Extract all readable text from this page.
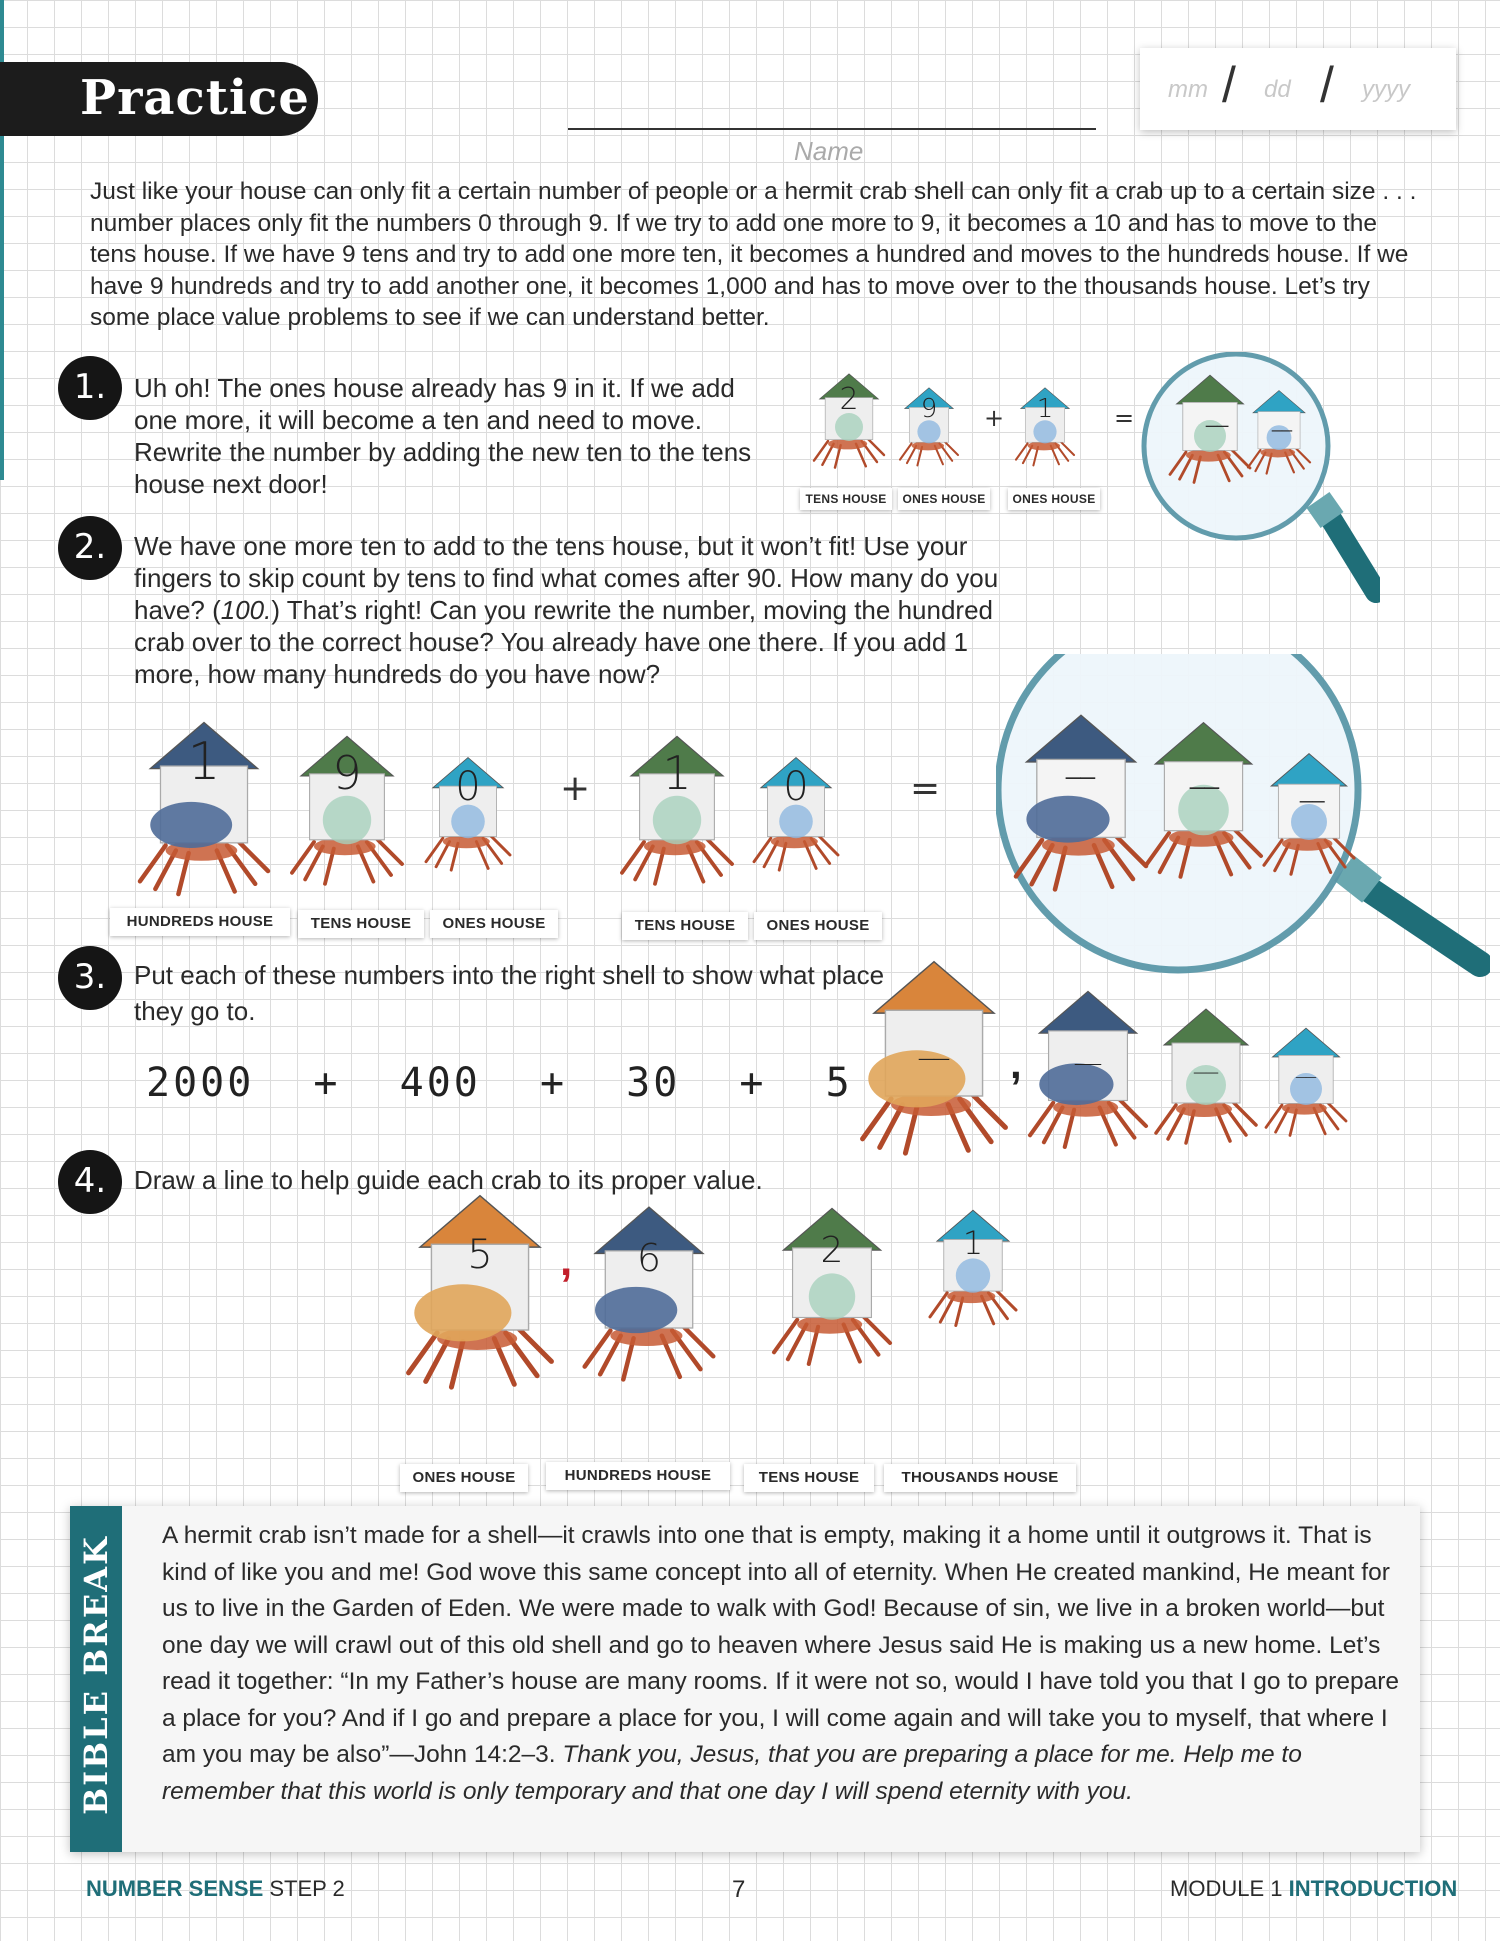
Practice	mm / dd / yyyy
Name
Just like your house can only fit a certain number of people or a hermit crab shell can only fit a crab up to a certain size . . . number places only fit the numbers 0 through 9. If we try to add one more to 9, it becomes a 10 and has to move to the tens house. If we have 9 tens and try to add one more ten, it becomes a hundred and moves to the hundreds house. If we have 9 hundreds and try to add another one, it becomes 1,000 and has to move over to the thousands house. Let’s try some place value problems to see if we can understand better.
1.	Uh oh! The ones house already has 9 in it. If we add one more, it will become a ten and need to move. Rewrite the number by adding the new ten to the tens house next door!
2	9	+	1	=
TENS HOUSE	ONES HOUSE	ONES HOUSE
__ __
2.	We have one more ten to add to the tens house, but it won’t fit! Use your fingers to skip count by tens to find what comes after 90. How many do you have? (100.) That’s right! Can you rewrite the number, moving the hundred crab over to the correct house? You already have one there. If you add 1 more, how many hundreds do you have now?
1	9	0	+	1	0	=
HUNDREDS HOUSE	TENS HOUSE	ONES HOUSE	TENS HOUSE	ONES HOUSE
__	__
__
3.	Put each of these numbers into the right shell to show what place they go to.
2000 + 400 + 30 + 5
__	,	__	__	__
4.	Draw a line to help guide each crab to its proper value.
5	,	6	2	1
ONES HOUSE	HUNDREDS HOUSE	TENS HOUSE	THOUSANDS HOUSE
BIBLE BREAK A hermit crab isn’t made for a shell—it crawls into one that is empty, making it a home until it outgrows it. That is kind of like you and me! God wove this same concept into all of eternity. When He created mankind, He meant for us to live in the Garden of Eden. We were made to walk with God! Because of sin, we live in a broken world—but one day we will crawl out of this old shell and go to heaven where Jesus said He is making us a new home. Let’s read it together: “In my Father’s house are many rooms. If it were not so, would I have told you that I go to prepare a place for you? And if I go and prepare a place for you, I will come again and will take you to myself, that where I am you may be also”—John 14:2–3. Thank you, Jesus, that you are preparing a place for me. Help me to remember that this world is only temporary and that one day I will spend eternity with you.
NUMBER SENSE STEP 2	7	MODULE 1 INTRODUCTION
